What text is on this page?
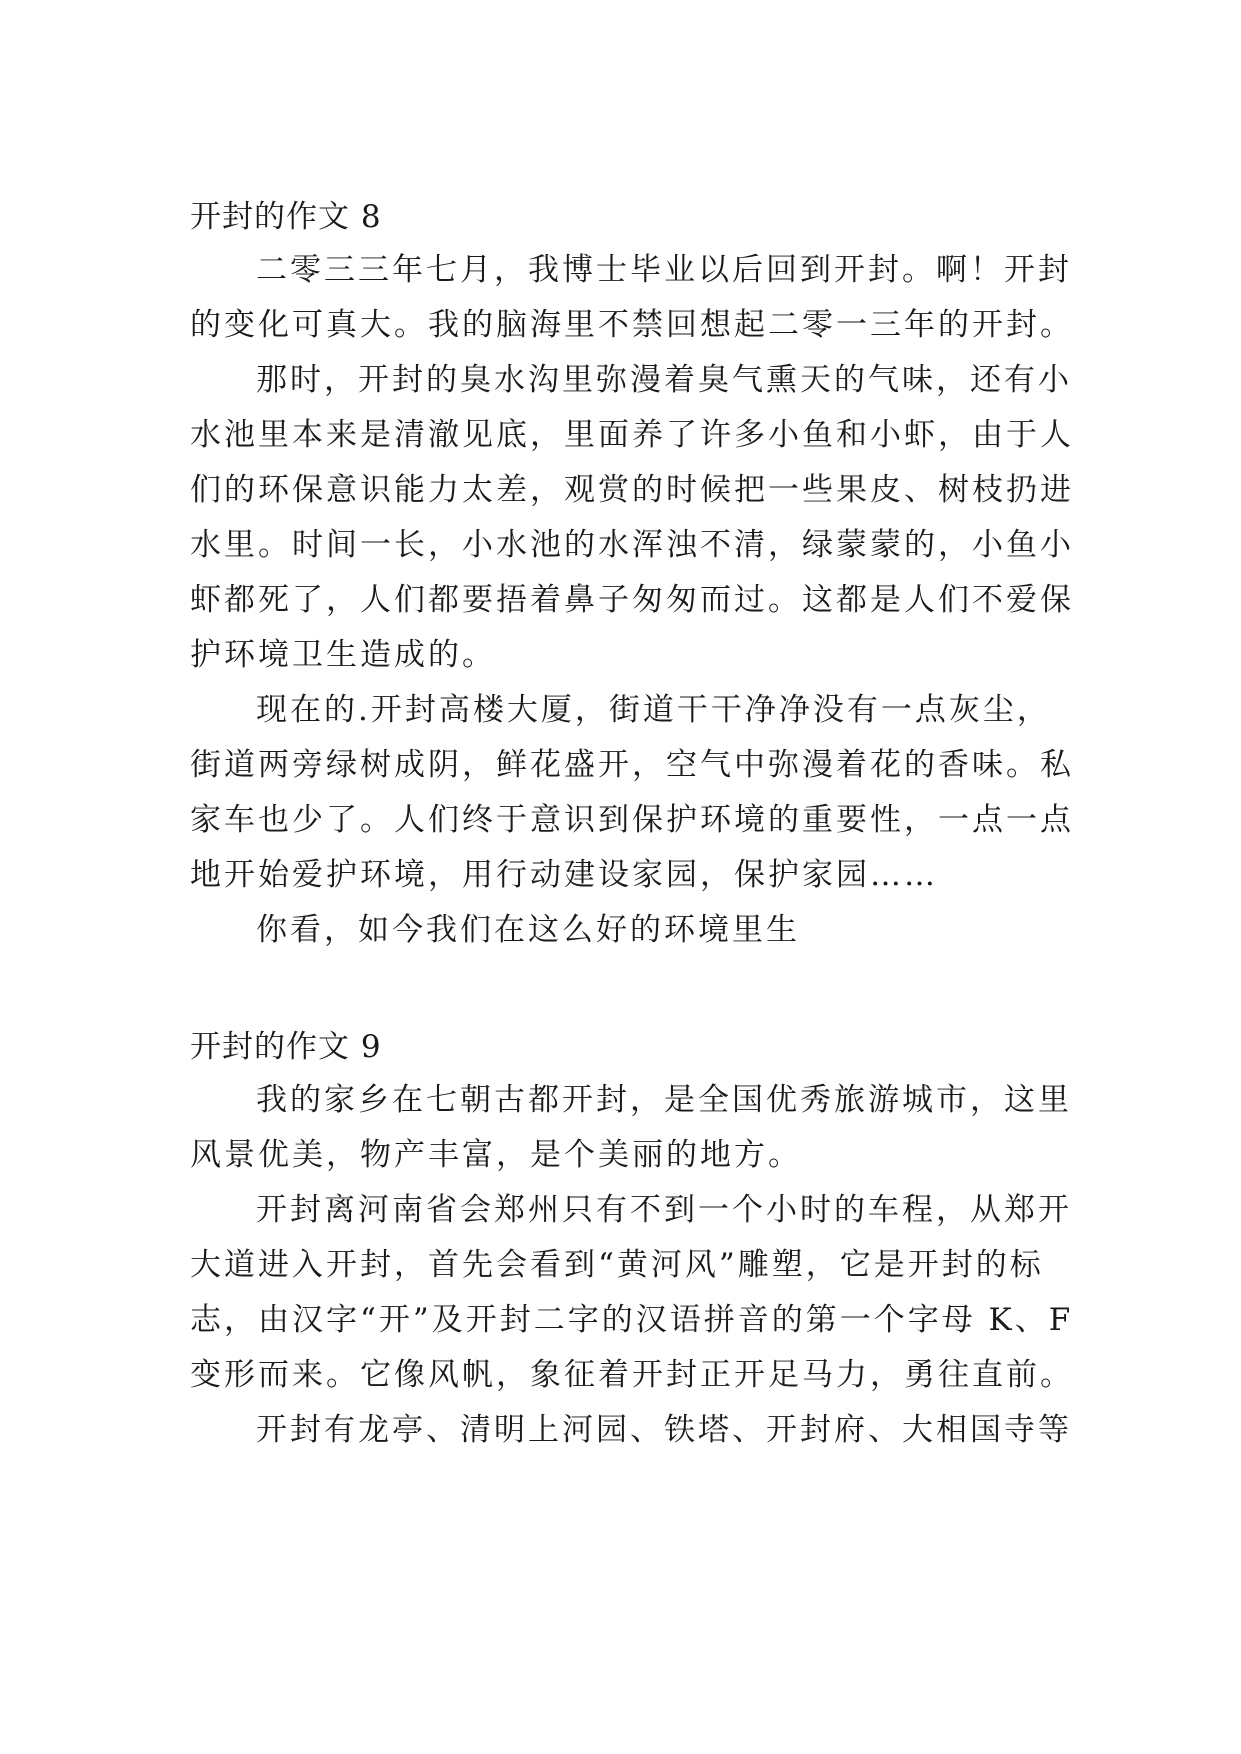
开封的作文 8
二零三三年七月，我博士毕业以后回到开封。啊！开封
的变化可真大。我的脑海里不禁回想起二零一三年的开封。
那时，开封的臭水沟里弥漫着臭气熏天的气味，还有小
水池里本来是清澈见底，里面养了许多小鱼和小虾，由于人
们的环保意识能力太差，观赏的时候把一些果皮、树枝扔进
水里。时间一长，小水池的水浑浊不清，绿蒙蒙的，小鱼小
虾都死了，人们都要捂着鼻子匆匆而过。这都是人们不爱保
护环境卫生造成的。
现在的.开封高楼大厦，街道干干净净没有一点灰尘，
街道两旁绿树成阴，鲜花盛开，空气中弥漫着花的香味。私
家车也少了。人们终于意识到保护环境的重要性，一点一点
地开始爱护环境，用行动建设家园，保护家园……
你看，如今我们在这么好的环境里生
开封的作文 9
我的家乡在七朝古都开封，是全国优秀旅游城市，这里
风景优美，物产丰富，是个美丽的地方。
开封离河南省会郑州只有不到一个小时的车程，从郑开
大道进入开封，首先会看到“黄河风”雕塑，它是开封的标
志，由汉字“开”及开封二字的汉语拼音的第一个字母 K、F
变形而来。它像风帆，象征着开封正开足马力，勇往直前。
开封有龙亭、清明上河园、铁塔、开封府、大相国寺等
